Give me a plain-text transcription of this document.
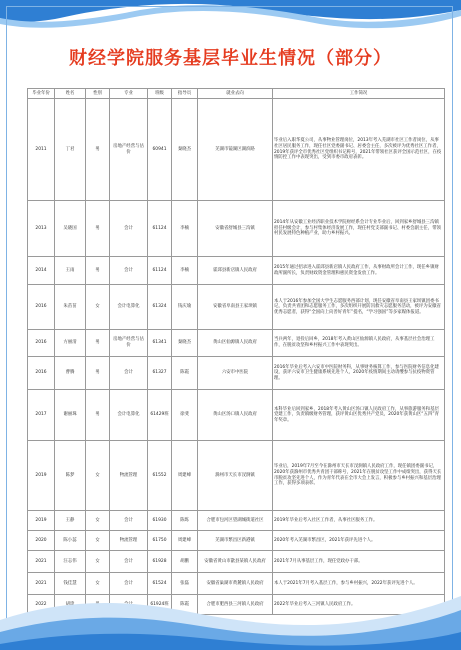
财经学院服务基层毕业生情况（部分）
毕业年份	姓名	性别	专业	班级	指导员	就业去向	工作简况
2011	丁君	男	房地产经营与估价	60941	秦晓杰	芜湖市镜湖区湖滨路	毕业后入职华夏公司，从事物业管理岗位，2013年考入芜湖市社区工作者岗位，从事社区居民服务工作，现任社区党委副书记、居委会主任，多次被评为优秀社区工作者，2019年获评全市优秀社区党组织书记称号，2021年带领社区获评全国示范社区，在疫情防控工作中表现突出，受到市委市政府表彰。
2013	吴晓国	男	会计	61124	李楠	安徽省舒城县三沟镇	2014年从安徽工业经济职业技术学院财经系会计专业毕业后，回到家乡舒城县三沟镇担任村级会计，参与村集体经济发展工作，现任村党支部副书记、村委会副主任，带领村民发展特色种植产业，助力乡村振兴。
2014	王雨	男	会计	61124	李楠	霍邱县新店镇人民政府	2015年通过招录进入霍邱县新店镇人民政府工作，从事财政所会计工作，现任乡镇财政所副所长，负责财政资金管理和惠民资金发放工作。
2016	朱苗苗	女	会计电算化	61324	钱庆瑜	安徽省阜南县王家坝镇	本人于2016年参加全国大学生志愿服务西部计划，现任安徽省阜南县王家坝镇团委书记，负责共青团和志愿服务工作，多次组织开展防汛救灾志愿服务活动，被评为安徽省优秀志愿者，获得“全国向上向善好青年”提名，“学习强国”等多家媒体报道。
2016	方丽清	男	房地产经营与估价	61341	秦晓杰	黄山区仙源镇人民政府	当兵两年，退役后回乡，2018年考入黄山区仙源镇人民政府，从事基层社会治理工作，在脱贫攻坚和乡村振兴工作中表现突出。
2016	曹腾	男	会计	61327	陈霞	六安市中医院	2016年毕业后考入六安市中医院财务科，从事财务核算工作，参与医院财务信息化建设，获评六安市卫生健康系统先进个人，2020年疫情期间主动请缨参与抗疫物资管理。
2017	谢丽珠	男	会计电算化	61429班	徐斐	黄山区汤口镇人民政府	本科毕业后回到家乡，2018年考入黄山区汤口镇人民政府工作，从事旅游服务和基层党建工作，负责镇级财务管理，获评黄山区优秀共产党员，2020年获黄山区“五四”青年奖章。
2019	陈梦	女	物流管理	61552	周建峰	滁州市天长市汊涧镇	毕业后，2019年7月至今在滁州市天长市汊涧镇人民政府工作，现任镇团委副书记，2020年获滁州市优秀共青团干部称号，2021年在脱贫攻坚工作中成绩突出，获得天长市脱贫攻坚先进个人，作为青年代表在全市大会上发言，积极参与乡村振兴和基层治理工作，获得多项表彰。
2019	王静	女	会计	61930	陈炼	合肥市包河区望湖城街道社区	2019年毕业后考入社区工作者，从事社区服务工作。
2020	陈小蕊	女	物流管理	61750	周建峰	芜湖市繁昌区新港镇	2020年考入芜湖市繁昌区，2021年获评先进个人。
2021	汪志伟	女	会计	61928	胡鹏	安徽省黄山市歙县某镇人民政府	2021年7月从事基层工作，现任党政办干部。
2021	钱佳慧	女	会计	61524	张磊	安徽省巢湖市黄麓镇人民政府	本人于2021年7月考入基层工作，参与乡村振兴，2022年获评先进个人。
2022	胡琦			61924班	陈霞	合肥市肥西县三河镇人民政府	2022年毕业后考入三河镇人民政府工作。
